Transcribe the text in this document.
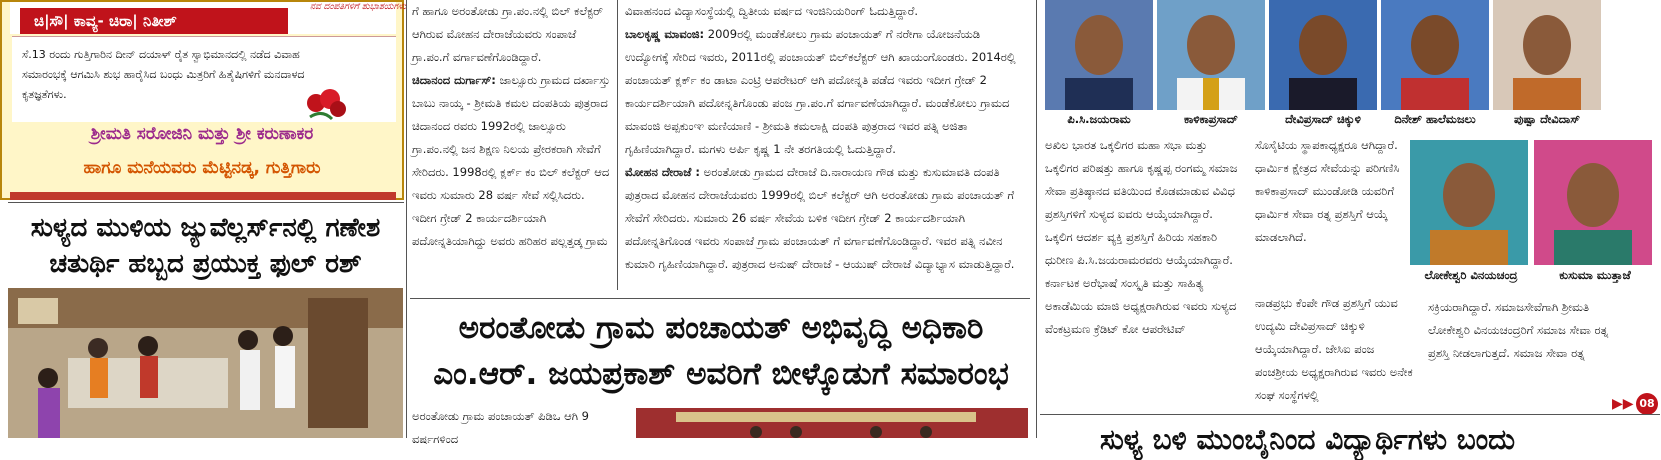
ಚಿ|ಸೌ| ಕಾವ್ಯ- ಚಿರಾ| ನಿತೀಶ್
ನವ ದಂಪತಿಗಳಿಗೆ ಶುಭಾಶಯಗಳು
ಸೆ.13 ರಂದು ಗುತ್ತಿಗಾರಿನ ದೀನ್ ದಯಾಳ್ ರೈತ ಸ್ವಾಭಿಮಾನದಲ್ಲಿ ನಡೆದ ವಿವಾಹ ಸಮಾರಂಭಕ್ಕೆ ಆಗಮಿಸಿ ಶುಭ ಹಾರೈಸಿದ ಬಂಧು ಮಿತ್ರರಿಗೆ ಹಿತೈಷಿಗಳಿಗೆ ಮನದಾಳದ ಕೃತಜ್ಞತೆಗಳು.
ಶ್ರೀಮತಿ ಸರೋಜಿನಿ ಮತ್ತು ಶ್ರೀ ಕರುಣಾಕರ
ಹಾಗೂ ಮನೆಯವರು ಮೆಟ್ಟಿನಡ್ಕ, ಗುತ್ತಿಗಾರು
ಸುಳ್ಯದ ಮುಳಿಯ ಜ್ಯುವೆಲ್ಲರ್ಸ್‌ನಲ್ಲಿ ಗಣೇಶ ಚತುರ್ಥಿ ಹಬ್ಬದ ಪ್ರಯುಕ್ತ ಫುಲ್ ರಶ್

ಗೆ ಹಾಗೂ ಅರಂತೋಡು ಗ್ರಾ.ಪಂ.ನಲ್ಲಿ ಬಿಲ್ ಕಲೆಕ್ಟರ್ ಆಗಿರುವ ಮೋಹನ ದೇರಾಜೆಯವರು ಸಂಪಾಜೆ ಗ್ರಾ.ಪಂ.ಗೆ ವರ್ಗಾವಣೆಗೊಂಡಿದ್ದಾರೆ.

ಚಿದಾನಂದ ದುರ್ಗಾಸ್: ಜಾಲ್ಸೂರು ಗ್ರಾಮದ ದರ್ಖಾಸ್ತು ಬಾಬು ನಾಯ್ಕ - ಶ್ರೀಮತಿ ಕಮಲ ದಂಪತಿಯ ಪುತ್ರರಾದ ಚಿದಾನಂದ ರವರು 1992ರಲ್ಲಿ ಜಾಲ್ಸೂರು ಗ್ರಾ.ಪಂ.ನಲ್ಲಿ ಜನ ಶಿಕ್ಷಣ ನಿಲಯ ಪ್ರೇರಕರಾಗಿ ಸೇವೆಗೆ ಸೇರಿದರು. 1998ರಲ್ಲಿ ಕ್ಲರ್ಕ್ ಕಂ ಬಿಲ್ ಕಲೆಕ್ಟರ್ ಆದ ಇವರು ಸುಮಾರು 28 ವರ್ಷ ಸೇವೆ ಸಲ್ಲಿಸಿದರು. ಇದೀಗ ಗ್ರೇಡ್ 2 ಕಾರ್ಯದರ್ಶಿಯಾಗಿ ಪದೋನ್ನತಿಯಾಗಿದ್ದು ಅವರು ಹರಿಹರ ಪಲ್ಲತ್ತಡ್ಕ ಗ್ರಾಮ

ವಿವಾಹನಂದ ವಿದ್ಯಾಸಂಸ್ಥೆಯಲ್ಲಿ ದ್ವಿತೀಯ ವರ್ಷದ ಇಂಜಿನಿಯರಿಂಗ್ ಓದುತ್ತಿದ್ದಾರೆ.

ಬಾಲಕೃಷ್ಣ ಮಾವಂಜಿ: 2009ರಲ್ಲಿ ಮಂಡೆಕೋಲು ಗ್ರಾಮ ಪಂಚಾಯತ್ ಗೆ ನರೇಗಾ ಯೋಜನೆಯಡಿ ಉದ್ಯೋಗಕ್ಕೆ ಸೇರಿದ ಇವರು, 2011ರಲ್ಲಿ ಪಂಚಾಯತ್ ಬಿಲ್‌ಕಲೆಕ್ಟರ್ ಆಗಿ ಖಾಯಂಗೊಂಡರು. 2014ರಲ್ಲಿ ಪಂಚಾಯತ್ ಕ್ಲರ್ಕ್ ಕಂ ಡಾಟಾ ಎಂಟ್ರಿ ಆಪರೇಟರ್ ಆಗಿ ಪದೋನ್ನತಿ ಪಡೆದ ಇವರು ಇದೀಗ ಗ್ರೇಡ್ 2 ಕಾರ್ಯದರ್ಶಿಯಾಗಿ ಪದೋನ್ನತಿಗೊಂಡು ಪಂಜ ಗ್ರಾ.ಪಂ.ಗೆ ವರ್ಗಾವಣೆಯಾಗಿದ್ದಾರೆ. ಮಂಡೆಕೋಲು ಗ್ರಾಮದ ಮಾವಂಜಿ ಅಪ್ಪಕುಂಞ ಮಣಿಯಾಣಿ - ಶ್ರೀಮತಿ ಕಮಲಾಕ್ಷಿ ದಂಪತಿ ಪುತ್ರರಾದ ಇವರ ಪತ್ನಿ ಅಜಿತಾ ಗೃಹಿಣಿಯಾಗಿದ್ದಾರೆ. ಮಗಳು ಅರ್ಪಿ ಕೃಷ್ಣ 1 ನೇ ತರಗತಿಯಲ್ಲಿ ಓದುತ್ತಿದ್ದಾರೆ.

ಮೋಹನ ದೇರಾಜೆ : ಅರಂತೋಡು ಗ್ರಾಮದ ದೇರಾಜೆ ದಿ.ನಾರಾಯಣ ಗೌಡ ಮತ್ತು ಕುಸುಮಾವತಿ ದಂಪತಿ ಪುತ್ರರಾದ ಮೋಹನ ದೇರಾಜೆಯವರು 1999ರಲ್ಲಿ ಬಿಲ್ ಕಲೆಕ್ಟರ್ ಆಗಿ ಅರಂತೋಡು ಗ್ರಾಮ ಪಂಚಾಯತ್ ಗೆ ಸೇವೆಗೆ ಸೇರಿದರು. ಸುಮಾರು 26 ವರ್ಷ ಸೇವೆಯ ಬಳಿಕ ಇದೀಗ ಗ್ರೇಡ್ 2 ಕಾರ್ಯದರ್ಶಿಯಾಗಿ ಪದೋನ್ನತಿಗೊಂಡ ಇವರು ಸಂಪಾಜೆ ಗ್ರಾಮ ಪಂಚಾಯತ್ ಗೆ ವರ್ಗಾವಣೆಗೊಂಡಿದ್ದಾರೆ. ಇವರ ಪತ್ನಿ ನವೀನ ಕುಮಾರಿ ಗೃಹಿಣಿಯಾಗಿದ್ದಾರೆ. ಪುತ್ರರಾದ ಅನುಷ್ ದೇರಾಜೆ - ಆಯುಷ್ ದೇರಾಜೆ ವಿದ್ಯಾಭ್ಯಾಸ ಮಾಡುತ್ತಿದ್ದಾರೆ.

ಅರಂತೋಡು ಗ್ರಾಮ ಪಂಚಾಯತ್ ಅಭಿವೃದ್ಧಿ ಅಧಿಕಾರಿ
ಎಂ.ಆರ್. ಜಯಪ್ರಕಾಶ್ ಅವರಿಗೆ ಬೀಳ್ಕೊಡುಗೆ ಸಮಾರಂಭ
ಅರಂತೋಡು ಗ್ರಾಮ ಪಂಚಾಯತ್ ಪಿಡಿಒ ಆಗಿ 9 ವರ್ಷಗಳಿಂದ
ಪಿ.ಸಿ.ಜಯರಾಮ	ಕಾಳಿಕಾಪ್ರಸಾದ್	ದೇವಿಪ್ರಸಾದ್ ಚಿಕ್ಕುಳಿ	ದಿನೇಶ್ ಹಾಲೆಮಜಲು	ಪುಷ್ಪಾ ದೇವಿದಾಸ್
ಲೋಕೇಶ್ವರಿ ವಿನಯಚಂದ್ರ	ಕುಸುಮಾ ಮುತ್ತಾಜೆ
ಅಖಿಲ ಭಾರತ ಒಕ್ಕಲಿಗರ ಮಹಾ ಸಭಾ ಮತ್ತು ಒಕ್ಕಲಿಗರ ಪರಿಷತ್ತು ಹಾಗೂ ಕೃಷ್ಣಪ್ಪ ರಂಗಮ್ಮ ಸಮಾಜ ಸೇವಾ ಪ್ರತಿಷ್ಠಾನದ ವತಿಯಿಂದ ಕೊಡಮಾಡುವ ವಿವಿಧ ಪ್ರಶಸ್ತಿಗಳಿಗೆ ಸುಳ್ಯದ ಐವರು ಆಯ್ಕೆಯಾಗಿದ್ದಾರೆ. ಒಕ್ಕಲಿಗ ಆದರ್ಶ ವ್ಯಕ್ತಿ ಪ್ರಶಸ್ತಿಗೆ ಹಿರಿಯ ಸಹಕಾರಿ ಧುರೀಣ ಪಿ.ಸಿ.ಜಯರಾಮರವರು ಆಯ್ಕೆಯಾಗಿದ್ದಾರೆ. ಕರ್ನಾಟಕ ಅರೆಭಾಷೆ ಸಂಸ್ಕೃತಿ ಮತ್ತು ಸಾಹಿತ್ಯ ಅಕಾಡೆಮಿಯ ಮಾಜಿ ಅಧ್ಯಕ್ಷರಾಗಿರುವ ಇವರು ಸುಳ್ಯದ ವೆಂಕಟ್ರಮಣ ಕ್ರೆಡಿಟ್ ಕೋ ಆಪರೇಟಿವ್
ಸೊಸೈಟಿಯ ಸ್ಥಾಪಕಾಧ್ಯಕ್ಷರೂ ಆಗಿದ್ದಾರೆ. ಧಾರ್ಮಿಕ ಕ್ಷೇತ್ರದ ಸೇವೆಯನ್ನು ಪರಿಗಣಿಸಿ ಕಾಳಿಕಾಪ್ರಸಾದ್ ಮುಂಡೋಡಿ ಯವರಿಗೆ ಧಾರ್ಮಿಕ ಸೇವಾ ರತ್ನ ಪ್ರಶಸ್ತಿಗೆ ಆಯ್ಕೆ ಮಾಡಲಾಗಿದೆ.
ನಾಡಪ್ರಭು ಕೆಂಪೇ ಗೌಡ ಪ್ರಶಸ್ತಿಗೆ ಯುವ ಉದ್ಯಮಿ ದೇವಿಪ್ರಸಾದ್ ಚಿಕ್ಕುಳಿ ಆಯ್ಕೆಯಾಗಿದ್ದಾರೆ. ಜೇಸಿಐ ಪಂಜ ಪಂಚಶ್ರೀಯ ಅಧ್ಯಕ್ಷರಾಗಿರುವ ಇವರು ಅನೇಕ ಸಂಘ ಸಂಸ್ಥೆಗಳಲ್ಲಿ
ಸಕ್ರಿಯರಾಗಿದ್ದಾರೆ. ಸಮಾಜಸೇವೆಗಾಗಿ ಶ್ರೀಮತಿ ಲೋಕೇಶ್ವರಿ ವಿನಯಚಂದ್ರರಿಗೆ ಸಮಾಜ ಸೇವಾ ರತ್ನ ಪ್ರಶಸ್ತಿ ನೀಡಲಾಗುತ್ತದೆ. ಸಮಾಜ ಸೇವಾ ರತ್ನ
▶▶ 08
ಸುಳ್ಯ ಬಳಿ ಮುಂಬೈನಿಂದ ವಿದ್ಯಾರ್ಥಿಗಳು ಬಂದು
